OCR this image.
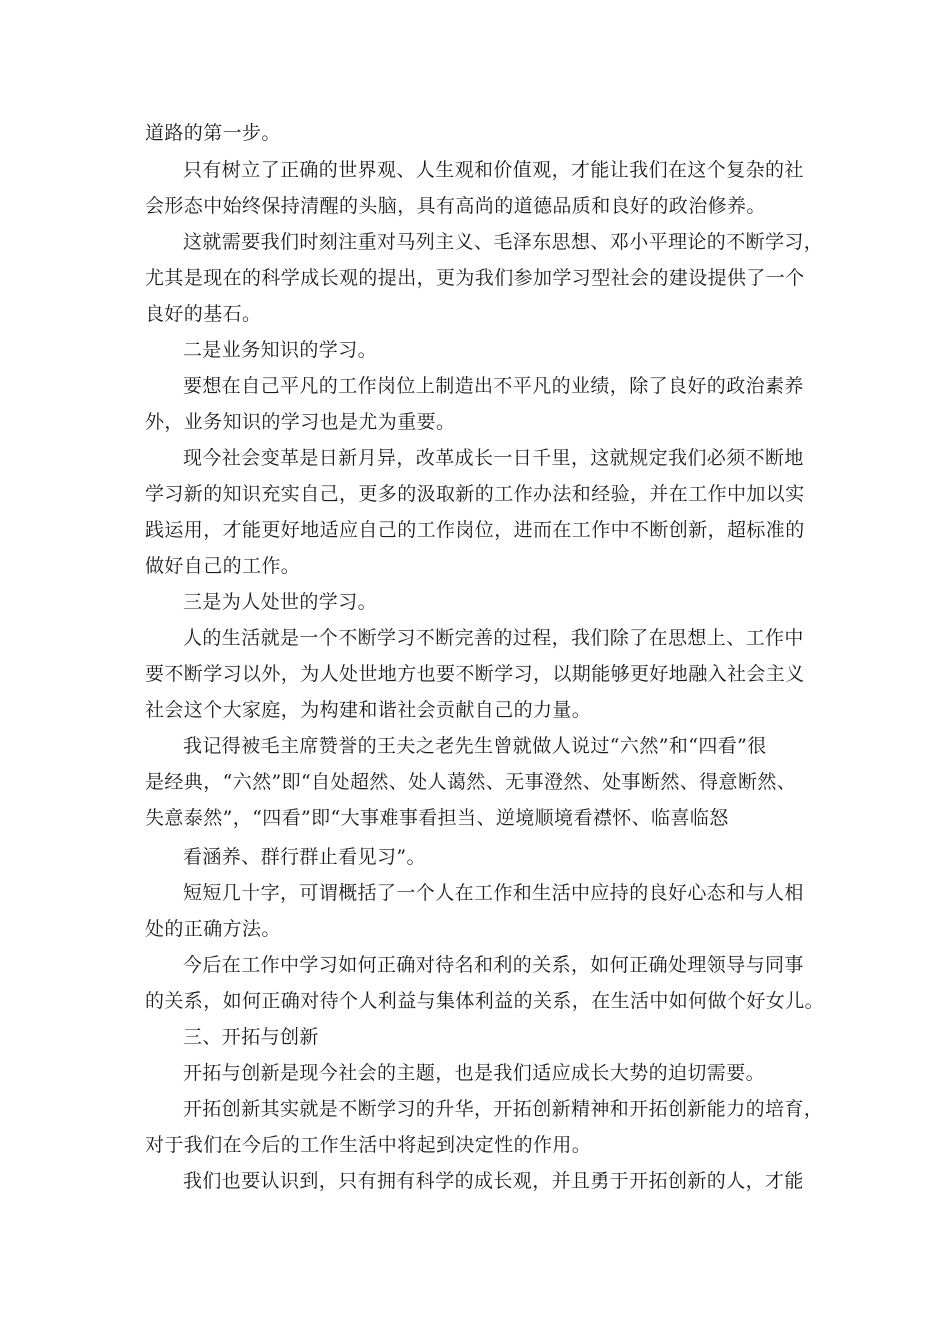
道路的第一步。
只有树立了正确的世界观、人生观和价值观，才能让我们在这个复杂的社
会形态中始终保持清醒的头脑，具有高尚的道德品质和良好的政治修养。
这就需要我们时刻注重对马列主义、毛泽东思想、邓小平理论的不断学习，
尤其是现在的科学成长观的提出，更为我们参加学习型社会的建设提供了一个
良好的基石。
二是业务知识的学习。
要想在自己平凡的工作岗位上制造出不平凡的业绩，除了良好的政治素养
外，业务知识的学习也是尤为重要。
现今社会变革是日新月异，改革成长一日千里，这就规定我们必须不断地
学习新的知识充实自己，更多的汲取新的工作办法和经验，并在工作中加以实
践运用，才能更好地适应自己的工作岗位，进而在工作中不断创新，超标准的
做好自己的工作。
三是为人处世的学习。
人的生活就是一个不断学习不断完善的过程，我们除了在思想上、工作中
要不断学习以外，为人处世地方也要不断学习，以期能够更好地融入社会主义
社会这个大家庭，为构建和谐社会贡献自己的力量。
我记得被毛主席赞誉的王夫之老先生曾就做人说过“六然”和“四看”很
是经典，“六然”即“自处超然、处人蔼然、无事澄然、处事断然、得意断然、
失意泰然”，“四看”即“大事难事看担当、逆境顺境看襟怀、临喜临怒
看涵养、群行群止看见习”。
短短几十字，可谓概括了一个人在工作和生活中应持的良好心态和与人相
处的正确方法。
今后在工作中学习如何正确对待名和利的关系，如何正确处理领导与同事
的关系，如何正确对待个人利益与集体利益的关系，在生活中如何做个好女儿。
三、开拓与创新
开拓与创新是现今社会的主题，也是我们适应成长大势的迫切需要。
开拓创新其实就是不断学习的升华，开拓创新精神和开拓创新能力的培育，
对于我们在今后的工作生活中将起到决定性的作用。
我们也要认识到，只有拥有科学的成长观，并且勇于开拓创新的人，才能
